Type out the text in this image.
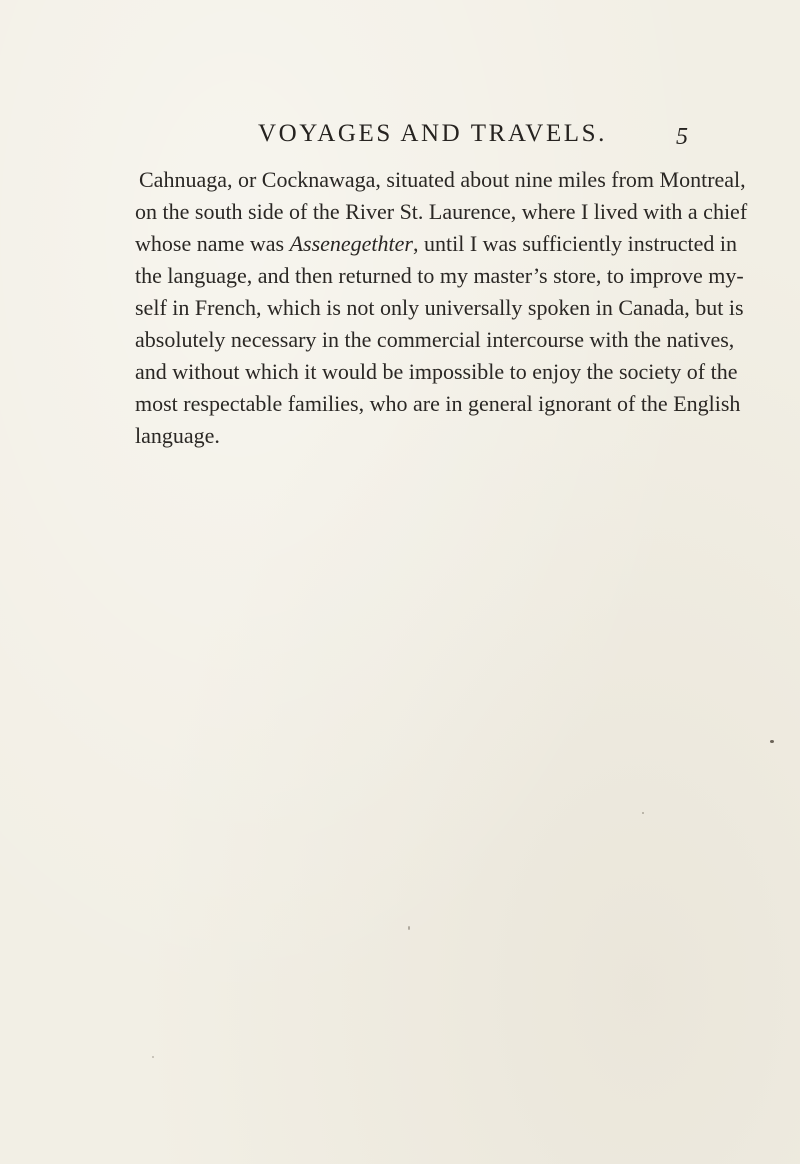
VOYAGES AND TRAVELS.	5
Cahnuaga, or Cocknawaga, situated about nine miles from Montreal,
on the south side of the River St. Laurence, where I lived with a chief
whose name was Assenegethter, until I was sufficiently instructed in
the language, and then returned to my master’s store, to improve my-
self in French, which is not only universally spoken in Canada, but is
absolutely necessary in the commercial intercourse with the natives,
and without which it would be impossible to enjoy the society of the
most respectable families, who are in general ignorant of the English
language.
